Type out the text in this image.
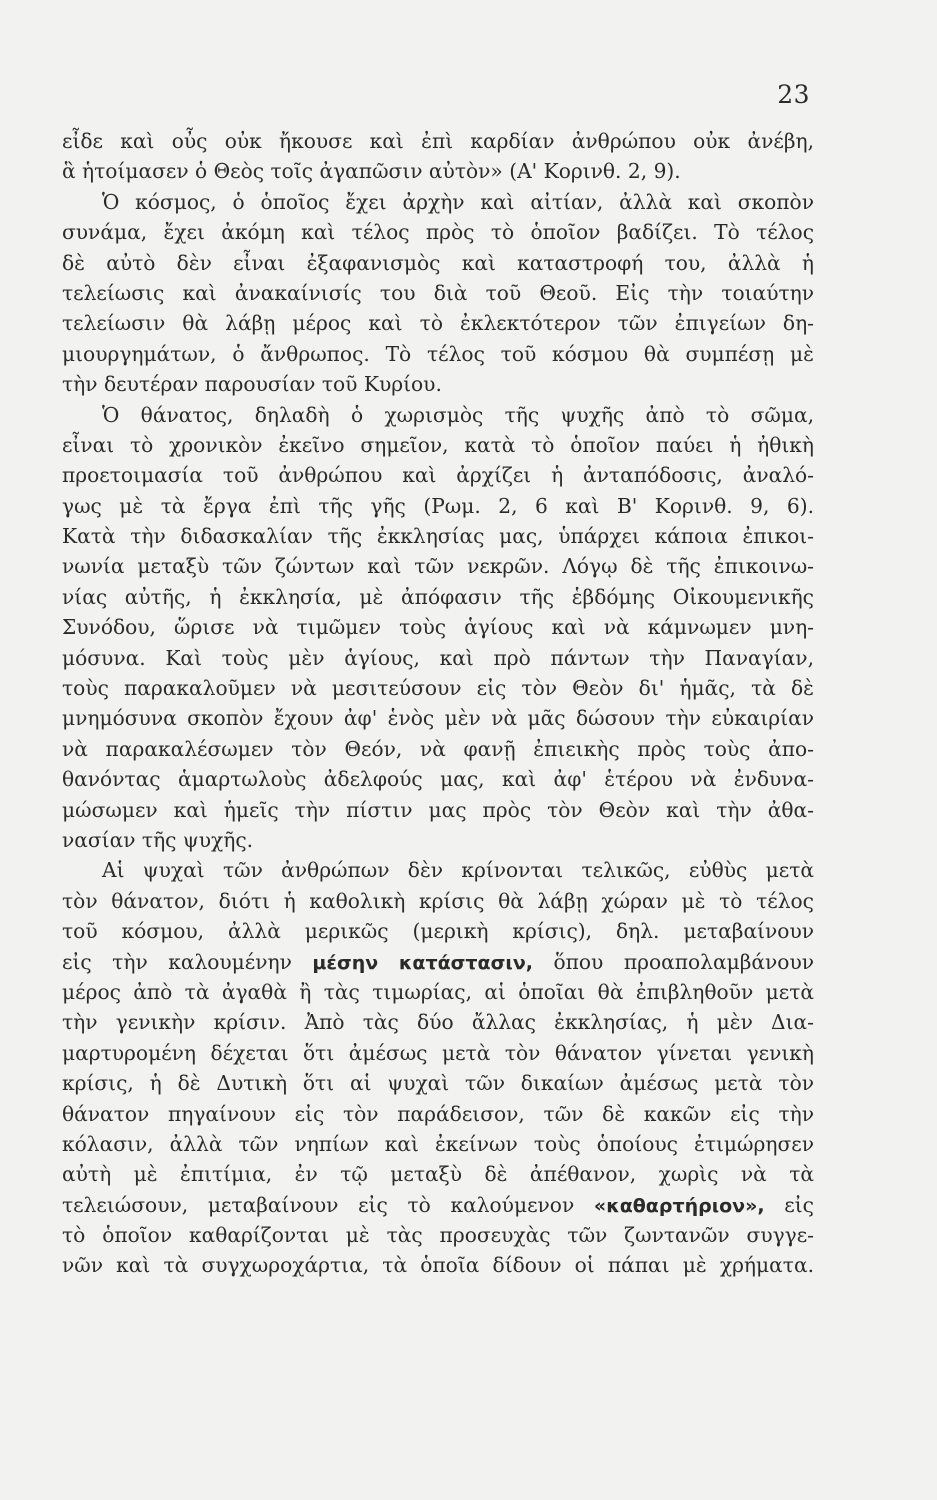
23
εἶδε καὶ οὖς οὐκ ἤκουσε καὶ ἐπὶ καρδίαν ἀνθρώπου οὐκ ἀνέβη,
ἃ ἡτοίμασεν ὁ Θεὸς τοῖς ἀγαπῶσιν αὐτὸν» (Α' Κορινθ. 2, 9).
Ὁ κόσμος, ὁ ὁποῖος ἔχει ἀρχὴν καὶ αἰτίαν, ἀλλὰ καὶ σκοπὸν
συνάμα, ἔχει ἀκόμη καὶ τέλος πρὸς τὸ ὁποῖον βαδίζει. Τὸ τέλος
δὲ αὐτὸ δὲν εἶναι ἐξαφανισμὸς καὶ καταστροφή του, ἀλλὰ ἡ
τελείωσις καὶ ἀνακαίνισίς του διὰ τοῦ Θεοῦ. Εἰς τὴν τοιαύτην
τελείωσιν θὰ λάβῃ μέρος καὶ τὸ ἐκλεκτότερον τῶν ἐπιγείων δη-
μιουργημάτων, ὁ ἄνθρωπος. Τὸ τέλος τοῦ κόσμου θὰ συμπέσῃ μὲ
τὴν δευτέραν παρουσίαν τοῦ Κυρίου.
Ὁ θάνατος, δηλαδὴ ὁ χωρισμὸς τῆς ψυχῆς ἀπὸ τὸ σῶμα,
εἶναι τὸ χρονικὸν ἐκεῖνο σημεῖον, κατὰ τὸ ὁποῖον παύει ἡ ἠθικὴ
προετοιμασία τοῦ ἀνθρώπου καὶ ἀρχίζει ἡ ἀνταπόδοσις, ἀναλό-
γως μὲ τὰ ἔργα ἐπὶ τῆς γῆς (Ρωμ. 2, 6 καὶ Β' Κορινθ. 9, 6).
Κατὰ τὴν διδασκαλίαν τῆς ἐκκλησίας μας, ὑπάρχει κάποια ἐπικοι-
νωνία μεταξὺ τῶν ζώντων καὶ τῶν νεκρῶν. Λόγῳ δὲ τῆς ἐπικοινω-
νίας αὐτῆς, ἡ ἐκκλησία, μὲ ἀπόφασιν τῆς ἑβδόμης Οἰκουμενικῆς
Συνόδου, ὥρισε νὰ τιμῶμεν τοὺς ἁγίους καὶ νὰ κάμνωμεν μνη-
μόσυνα. Καὶ τοὺς μὲν ἁγίους, καὶ πρὸ πάντων τὴν Παναγίαν,
τοὺς παρακαλοῦμεν νὰ μεσιτεύσουν εἰς τὸν Θεὸν δι' ἡμᾶς, τὰ δὲ
μνημόσυνα σκοπὸν ἔχουν ἀφ' ἑνὸς μὲν νὰ μᾶς δώσουν τὴν εὐκαιρίαν
νὰ παρακαλέσωμεν τὸν Θεόν, νὰ φανῇ ἐπιεικὴς πρὸς τοὺς ἀπο-
θανόντας ἁμαρτωλοὺς ἀδελφούς μας, καὶ ἀφ' ἑτέρου νὰ ἐνδυνα-
μώσωμεν καὶ ἡμεῖς τὴν πίστιν μας πρὸς τὸν Θεὸν καὶ τὴν ἀθα-
νασίαν τῆς ψυχῆς.
Αἱ ψυχαὶ τῶν ἀνθρώπων δὲν κρίνονται τελικῶς, εὐθὺς μετὰ
τὸν θάνατον, διότι ἡ καθολικὴ κρίσις θὰ λάβῃ χώραν μὲ τὸ τέλος
τοῦ κόσμου, ἀλλὰ μερικῶς (μερικὴ κρίσις), δηλ. μεταβαίνουν
εἰς τὴν καλουμένην μέσην κατάστασιν, ὅπου προαπολαμβάνουν
μέρος ἀπὸ τὰ ἀγαθὰ ἢ τὰς τιμωρίας, αἱ ὁποῖαι θὰ ἐπιβληθοῦν μετὰ
τὴν γενικὴν κρίσιν. Ἀπὸ τὰς δύο ἄλλας ἐκκλησίας, ἡ μὲν Δια-
μαρτυρομένη δέχεται ὅτι ἀμέσως μετὰ τὸν θάνατον γίνεται γενικὴ
κρίσις, ἡ δὲ Δυτικὴ ὅτι αἱ ψυχαὶ τῶν δικαίων ἀμέσως μετὰ τὸν
θάνατον πηγαίνουν εἰς τὸν παράδεισον, τῶν δὲ κακῶν εἰς τὴν
κόλασιν, ἀλλὰ τῶν νηπίων καὶ ἐκείνων τοὺς ὁποίους ἐτιμώρησεν
αὐτὴ μὲ ἐπιτίμια, ἐν τῷ μεταξὺ δὲ ἀπέθανον, χωρὶς νὰ τὰ
τελειώσουν, μεταβαίνουν εἰς τὸ καλούμενον «καθαρτήριον», εἰς
τὸ ὁποῖον καθαρίζονται μὲ τὰς προσευχὰς τῶν ζωντανῶν συγγε-
νῶν καὶ τὰ συγχωροχάρτια, τὰ ὁποῖα δίδουν οἱ πάπαι μὲ χρήματα.
